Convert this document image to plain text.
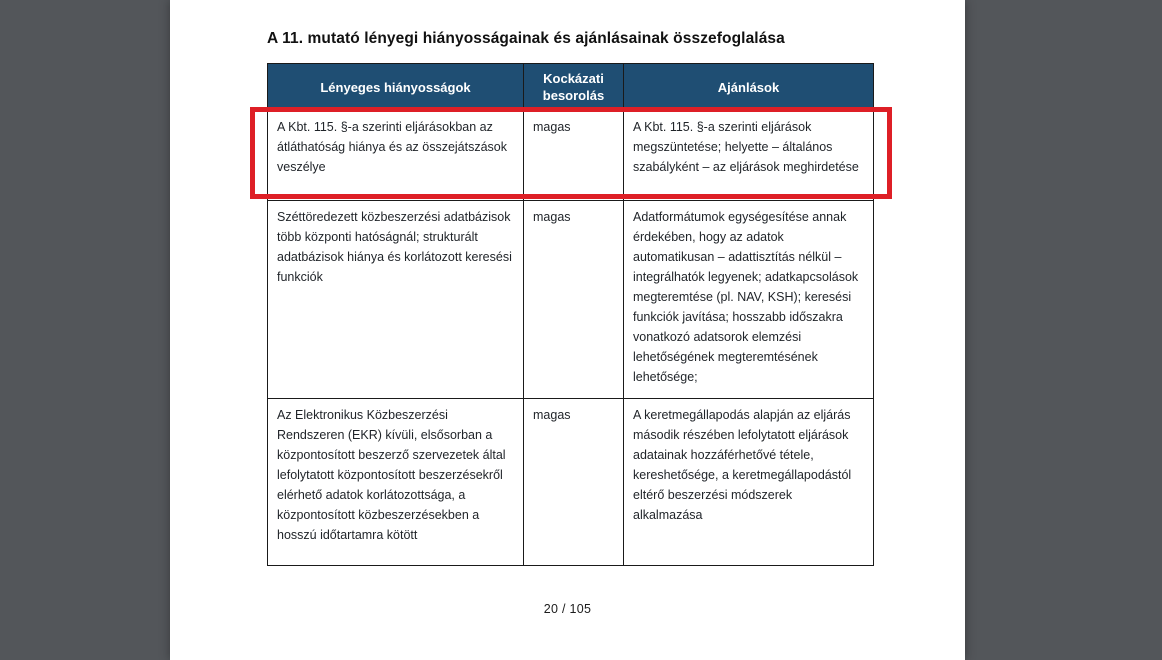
A 11. mutató lényegi hiányosságainak és ajánlásainak összefoglalása
Lényeges hiányosságok	Kockázati besorolás	Ajánlások
A Kbt. 115. §-a szerinti eljárásokban az átláthatóság hiánya és az összejátszások veszélye	magas	A Kbt. 115. §-a szerinti eljárások megszüntetése; helyette – általános szabályként – az eljárások meghirdetése
Széttöredezett közbeszerzési adatbázisok több központi hatóságnál; strukturált adatbázisok hiánya és korlátozott keresési funkciók	magas	Adatformátumok egységesítése annak érdekében, hogy az adatok automatikusan – adattisztítás nélkül – integrálhatók legyenek; adatkapcsolások megteremtése (pl. NAV, KSH); keresési funkciók javítása; hosszabb időszakra vonatkozó adatsorok elemzési lehetőségének megteremtésének lehetősége;
Az Elektronikus Közbeszerzési Rendszeren (EKR) kívüli, elsősorban a központosított beszerző szervezetek által lefolytatott központosított beszerzésekről elérhető adatok korlátozottsága, a központosított közbeszerzésekben a hosszú időtartamra kötött	magas	A keretmegállapodás alapján az eljárás második részében lefolytatott eljárások adatainak hozzáférhetővé tétele, kereshetősége, a keretmegállapodástól eltérő beszerzési módszerek alkalmazása
20 / 105
